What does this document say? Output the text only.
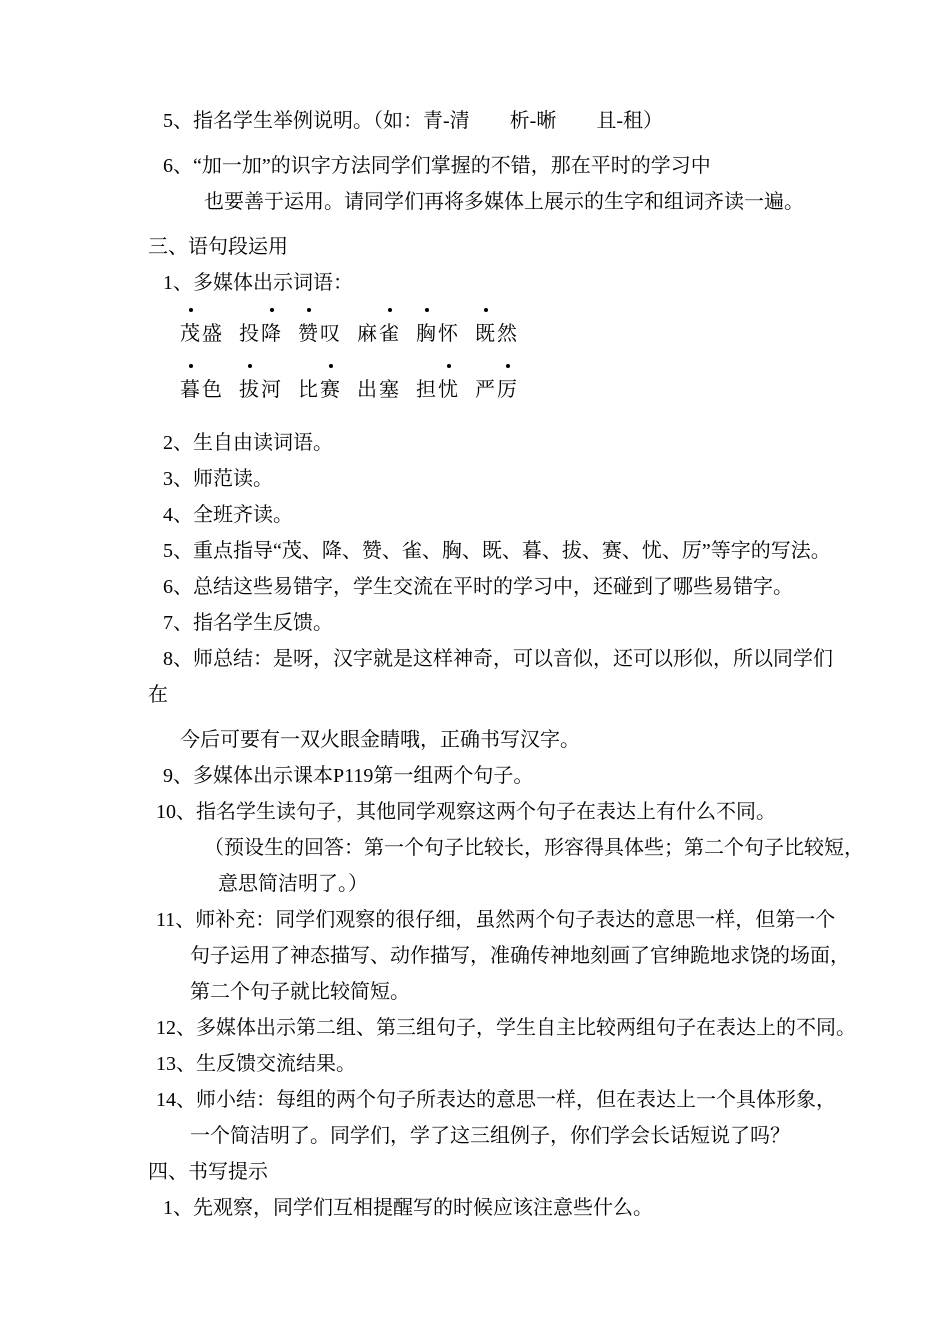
5、指名学生举例说明。（如：青-清　　析-晰　　且-租）
6、“加一加”的识字方法同学们掌握的不错，那在平时的学习中
也要善于运用。请同学们再将多媒体上展示的生字和组词齐读一遍。
三、语句段运用
1、多媒体出示词语：
茂盛 投降 赞叹 麻雀 胸怀 既然
暮色 拔河 比赛 出塞 担忧 严厉
2、生自由读词语。
3、师范读。
4、全班齐读。
5、重点指导“茂、降、赞、雀、胸、既、暮、拔、赛、忧、厉”等字的写法。
6、总结这些易错字，学生交流在平时的学习中，还碰到了哪些易错字。
7、指名学生反馈。
8、师总结：是呀，汉字就是这样神奇，可以音似，还可以形似，所以同学们
在
今后可要有一双火眼金睛哦，正确书写汉字。
9、多媒体出示课本P119第一组两个句子。
10、指名学生读句子，其他同学观察这两个句子在表达上有什么不同。
（预设生的回答：第一个句子比较长，形容得具体些；第二个句子比较短，
意思简洁明了。）
11、师补充：同学们观察的很仔细，虽然两个句子表达的意思一样，但第一个
句子运用了神态描写、动作描写，准确传神地刻画了官绅跪地求饶的场面，
第二个句子就比较简短。
12、多媒体出示第二组、第三组句子，学生自主比较两组句子在表达上的不同。
13、生反馈交流结果。
14、师小结：每组的两个句子所表达的意思一样，但在表达上一个具体形象，
一个简洁明了。同学们，学了这三组例子，你们学会长话短说了吗？
四、书写提示
1、先观察，同学们互相提醒写的时候应该注意些什么。
